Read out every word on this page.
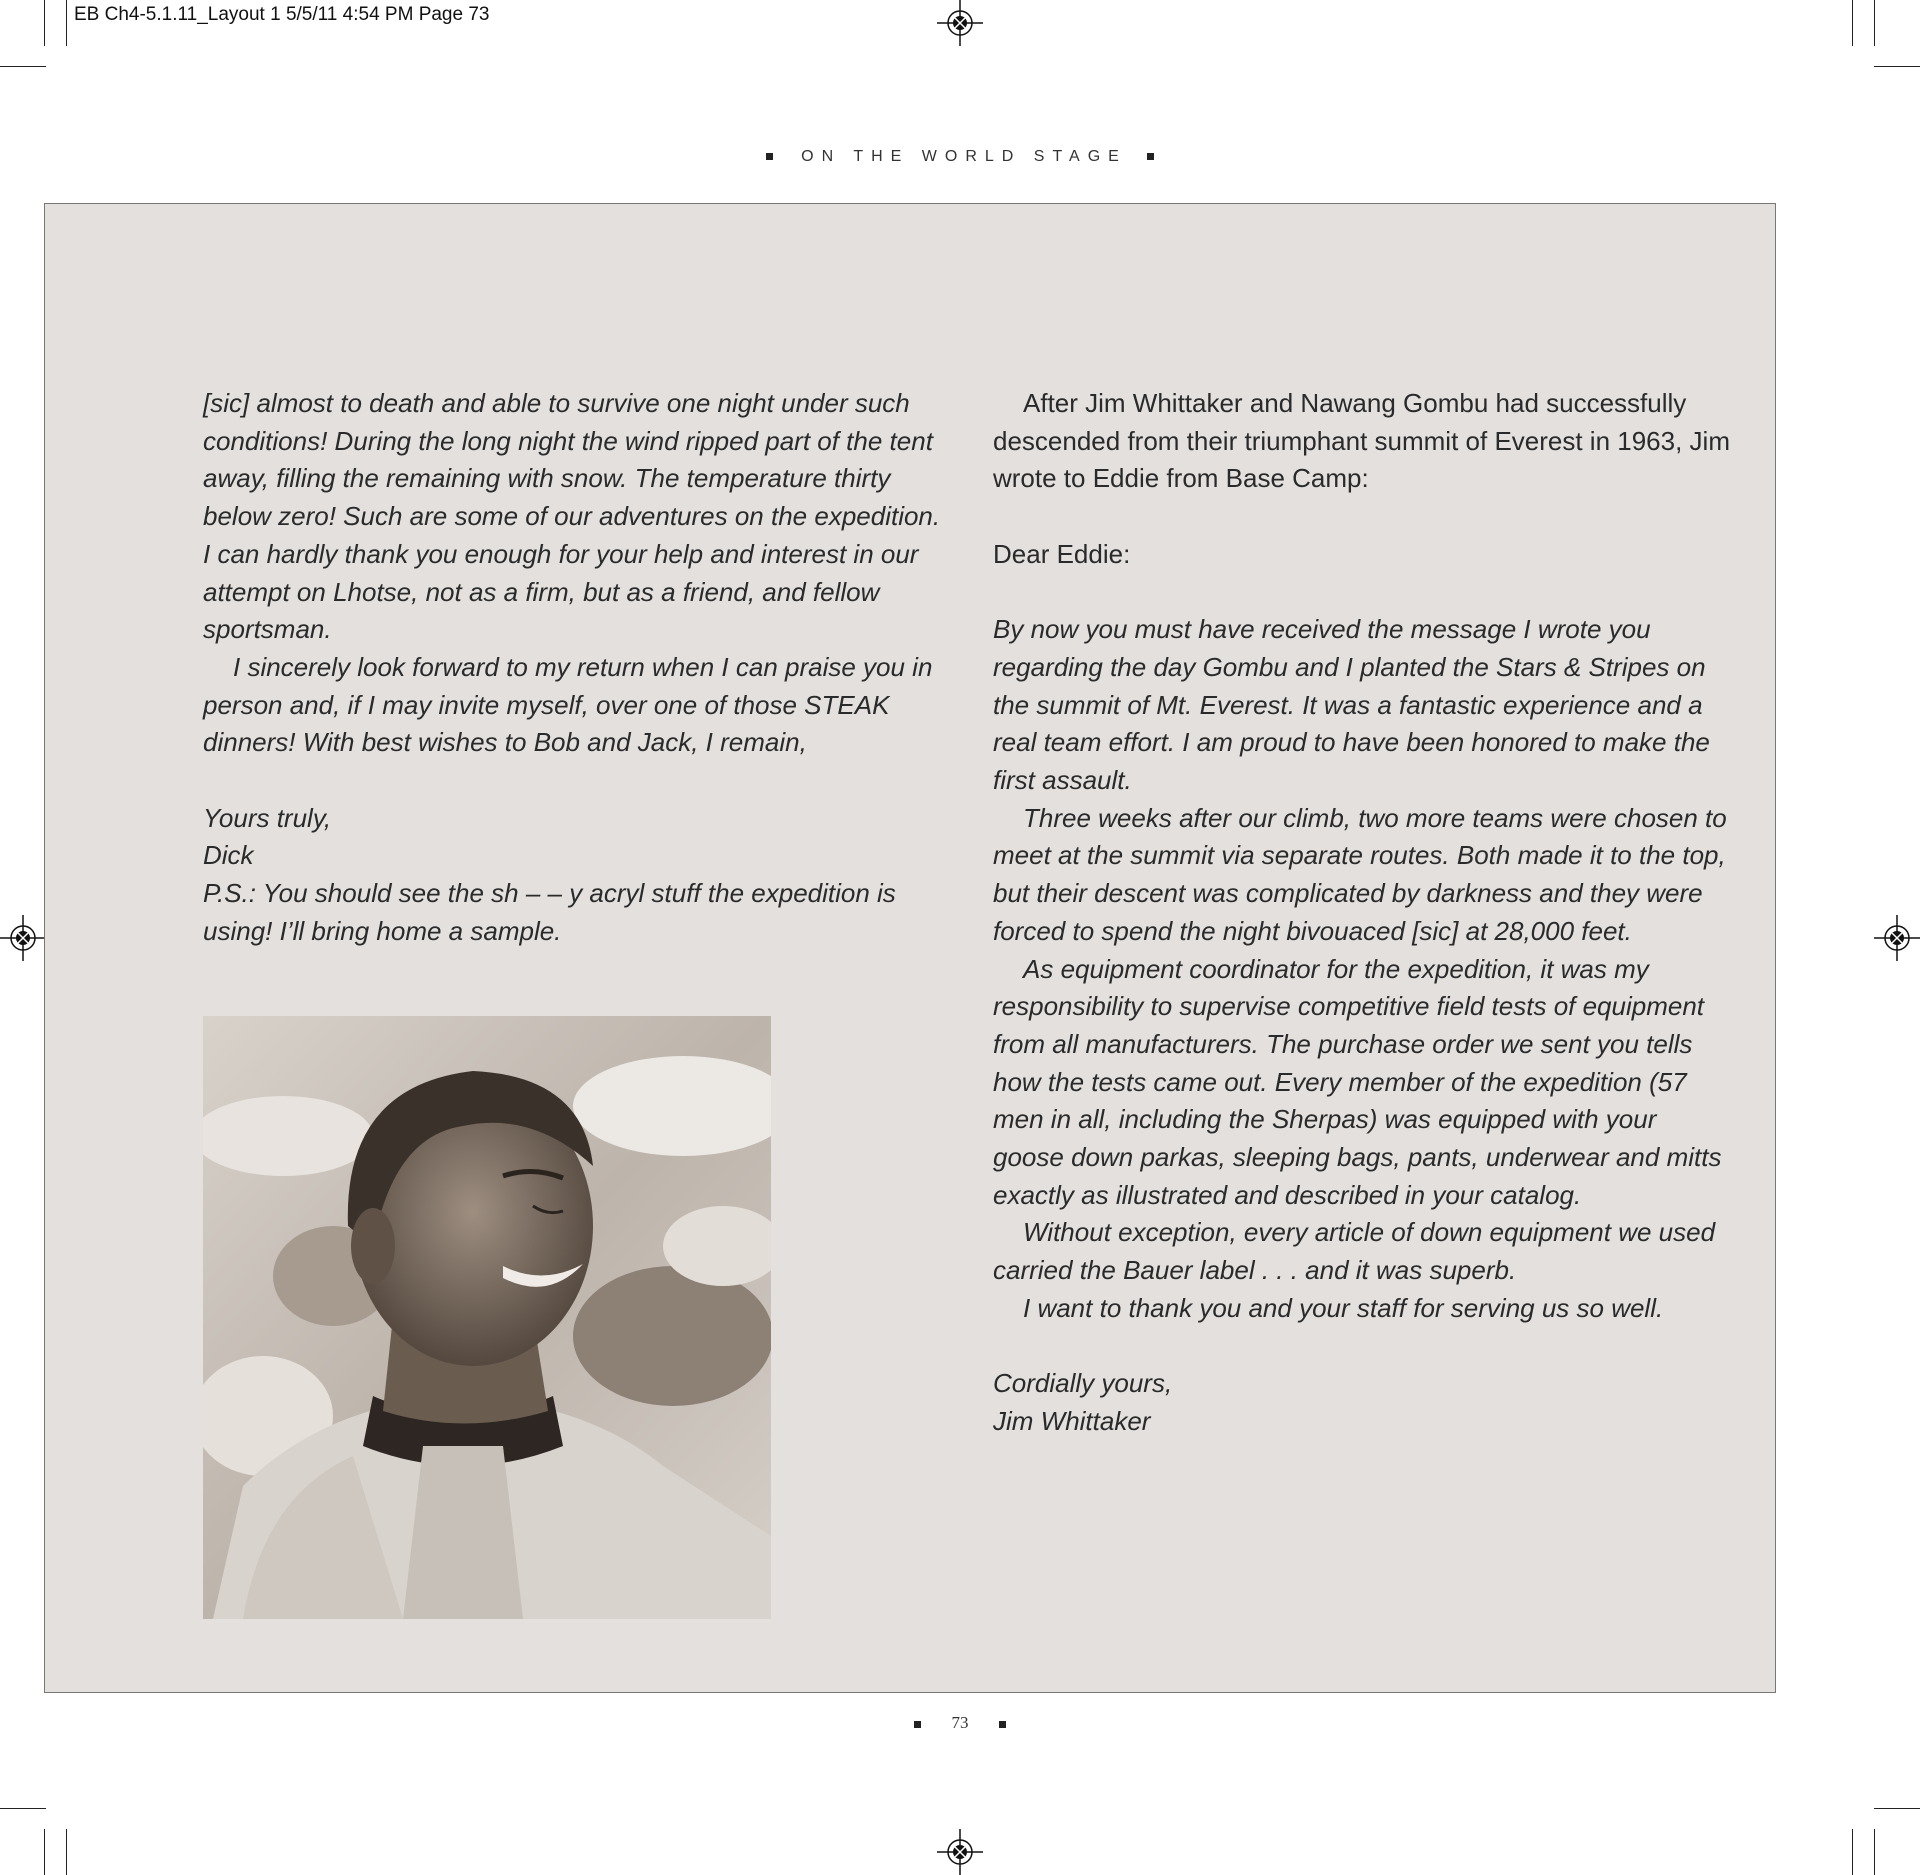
EB Ch4-5.1.11_Layout 1 5/5/11 4:54 PM Page 73
ON THE WORLD STAGE

[sic] almost to death and able to survive one night under such conditions! During the long night the wind ripped part of the tent away, filling the remaining with snow. The temperature thirty below zero! Such are some of our adventures on the expedition. I can hardly thank you enough for your help and interest in our attempt on Lhotse, not as a firm, but as a friend, and fellow sportsman.

I sincerely look forward to my return when I can praise you in person and, if I may invite myself, over one of those STEAK dinners! With best wishes to Bob and Jack, I remain,

Yours truly,

Dick

P.S.: You should see the sh – – y acryl stuff the expedition is using! I’ll bring home a sample.

After Jim Whittaker and Nawang Gombu had successfully descended from their triumphant summit of Everest in 1963, Jim wrote to Eddie from Base Camp:

Dear Eddie:

By now you must have received the message I wrote you regarding the day Gombu and I planted the Stars & Stripes on the summit of Mt. Everest. It was a fantastic experience and a real team effort. I am proud to have been honored to make the first assault.

Three weeks after our climb, two more teams were chosen to meet at the summit via separate routes. Both made it to the top, but their descent was complicated by darkness and they were forced to spend the night bivouaced [sic] at 28,000 feet.

As equipment coordinator for the expedition, it was my responsibility to supervise competitive field tests of equipment from all manufacturers. The purchase order we sent you tells how the tests came out. Every member of the expedition (57 men in all, including the Sherpas) was equipped with your goose down parkas, sleeping bags, pants, underwear and mitts exactly as illustrated and described in your catalog.

Without exception, every article of down equipment we used carried the Bauer label . . . and it was superb.

I want to thank you and your staff for serving us so well.

Cordially yours,

Jim Whittaker

73
